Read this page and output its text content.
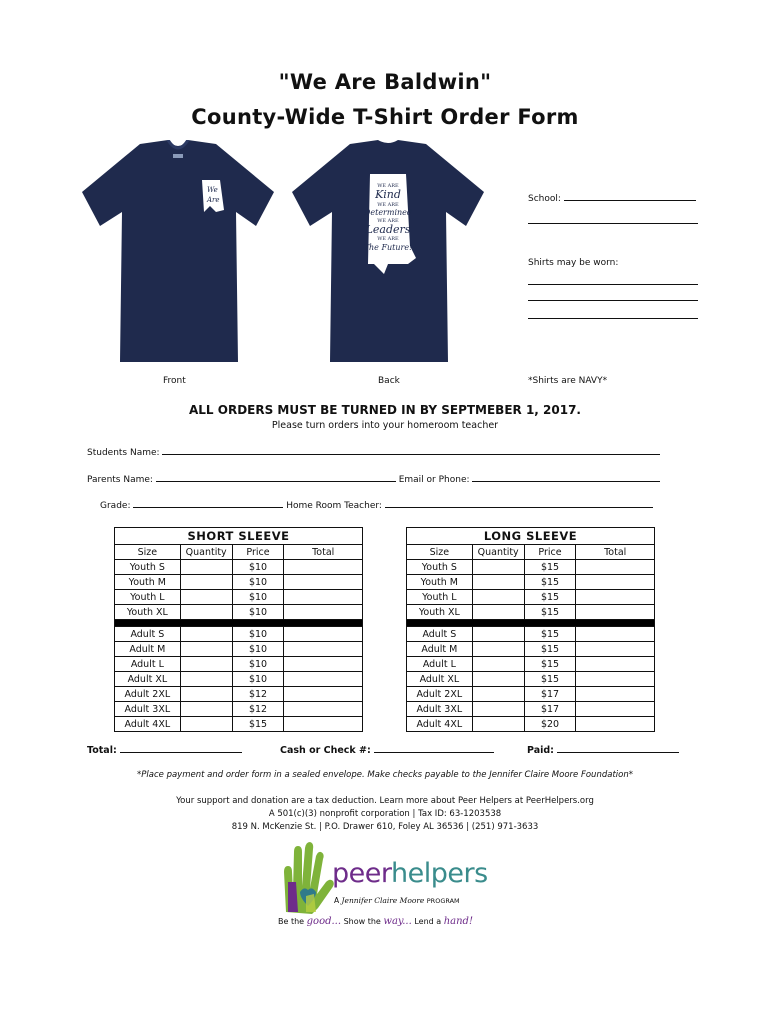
"We Are Baldwin"
County-Wide T-Shirt Order Form
We
Are
WE ARE
Kind
WE ARE
Determined
WE ARE
Leaders
WE ARE
The Future!
Front	Back	*Shirts are NAVY*
School:
Shirts may be worn:
ALL ORDERS MUST BE TURNED IN BY SEPTMEBER 1, 2017.
Please turn orders into your homeroom teacher
Students Name:
Parents Name:	Email or Phone:
Grade:	Home Room Teacher:
SHORT SLEEVE			
Size	Quantity	Price	Total
Youth S		$10	
Youth M		$10	
Youth L		$10	
Youth XL		$10	

Adult S		$10	
Adult M		$10	
Adult L		$10	
Adult XL		$10	
Adult 2XL		$12	
Adult 3XL		$12	
Adult 4XL		$15	
LONG SLEEVE			
Size	Quantity	Price	Total
Youth S		$15	
Youth M		$15	
Youth L		$15	
Youth XL		$15	

Adult S		$15	
Adult M		$15	
Adult L		$15	
Adult XL		$15	
Adult 2XL		$17	
Adult 3XL		$17	
Adult 4XL		$20	
Total:	Cash or Check #:	Paid:
*Place payment and order form in a sealed envelope. Make checks payable to the Jennifer Claire Moore Foundation*
Your support and donation are a tax deduction. Learn more about Peer Helpers at PeerHelpers.org
A 501(c)(3) nonprofit corporation | Tax ID: 63-1203538
819 N. McKenzie St. | P.O. Drawer 610, Foley AL 36536 | (251) 971-3633
peerhelpers
A Jennifer Claire Moore PROGRAM
Be the good... Show the way... Lend a hand!
